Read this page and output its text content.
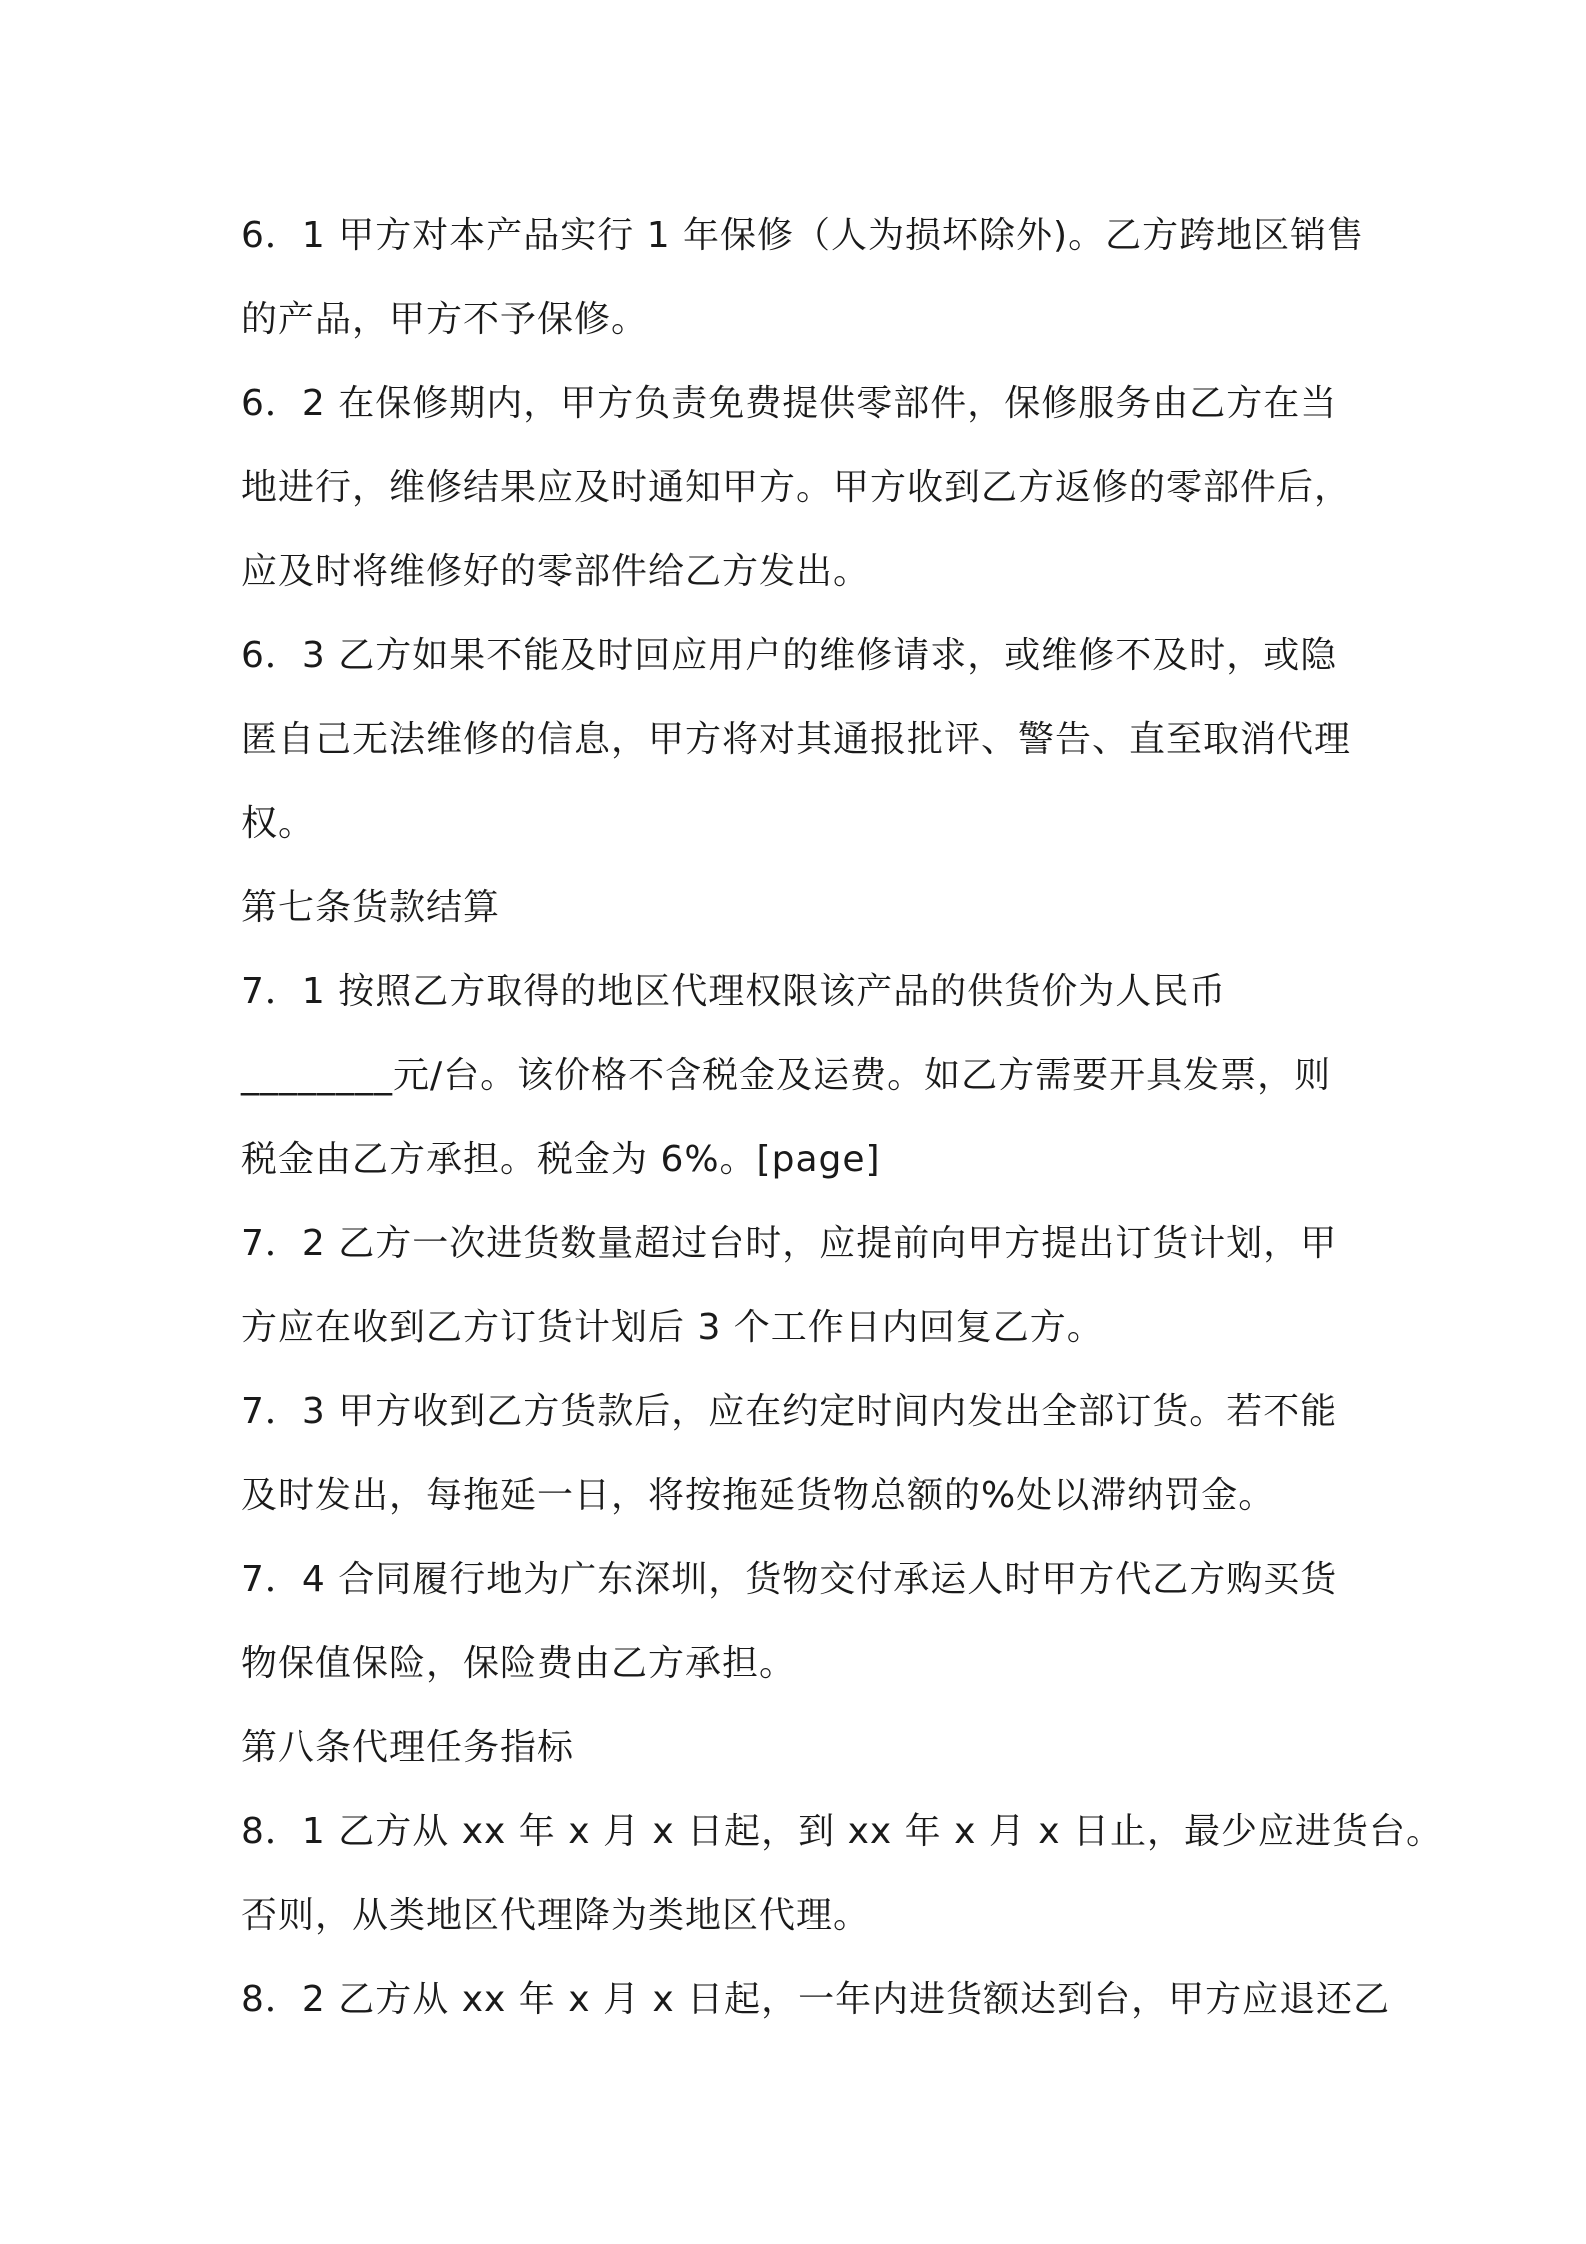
6．1 甲方对本产品实行 1 年保修（人为损坏除外)。乙方跨地区销售
的产品，甲方不予保修。
6．2 在保修期内，甲方负责免费提供零部件，保修服务由乙方在当
地进行，维修结果应及时通知甲方。甲方收到乙方返修的零部件后，
应及时将维修好的零部件给乙方发出。
6．3 乙方如果不能及时回应用户的维修请求，或维修不及时，或隐
匿自己无法维修的信息，甲方将对其通报批评、警告、直至取消代理
权。
第七条货款结算
7．1 按照乙方取得的地区代理权限该产品的供货价为人民币
________元/台。该价格不含税金及运费。如乙方需要开具发票，则
税金由乙方承担。税金为 6%。[page]
7．2 乙方一次进货数量超过台时，应提前向甲方提出订货计划，甲
方应在收到乙方订货计划后 3 个工作日内回复乙方。
7．3 甲方收到乙方货款后，应在约定时间内发出全部订货。若不能
及时发出，每拖延一日，将按拖延货物总额的%处以滞纳罚金。
7．4 合同履行地为广东深圳，货物交付承运人时甲方代乙方购买货
物保值保险，保险费由乙方承担。
第八条代理任务指标
8．1 乙方从 xx 年 x 月 x 日起，到 xx 年 x 月 x 日止，最少应进货台。
否则，从类地区代理降为类地区代理。
8．2 乙方从 xx 年 x 月 x 日起，一年内进货额达到台，甲方应退还乙
